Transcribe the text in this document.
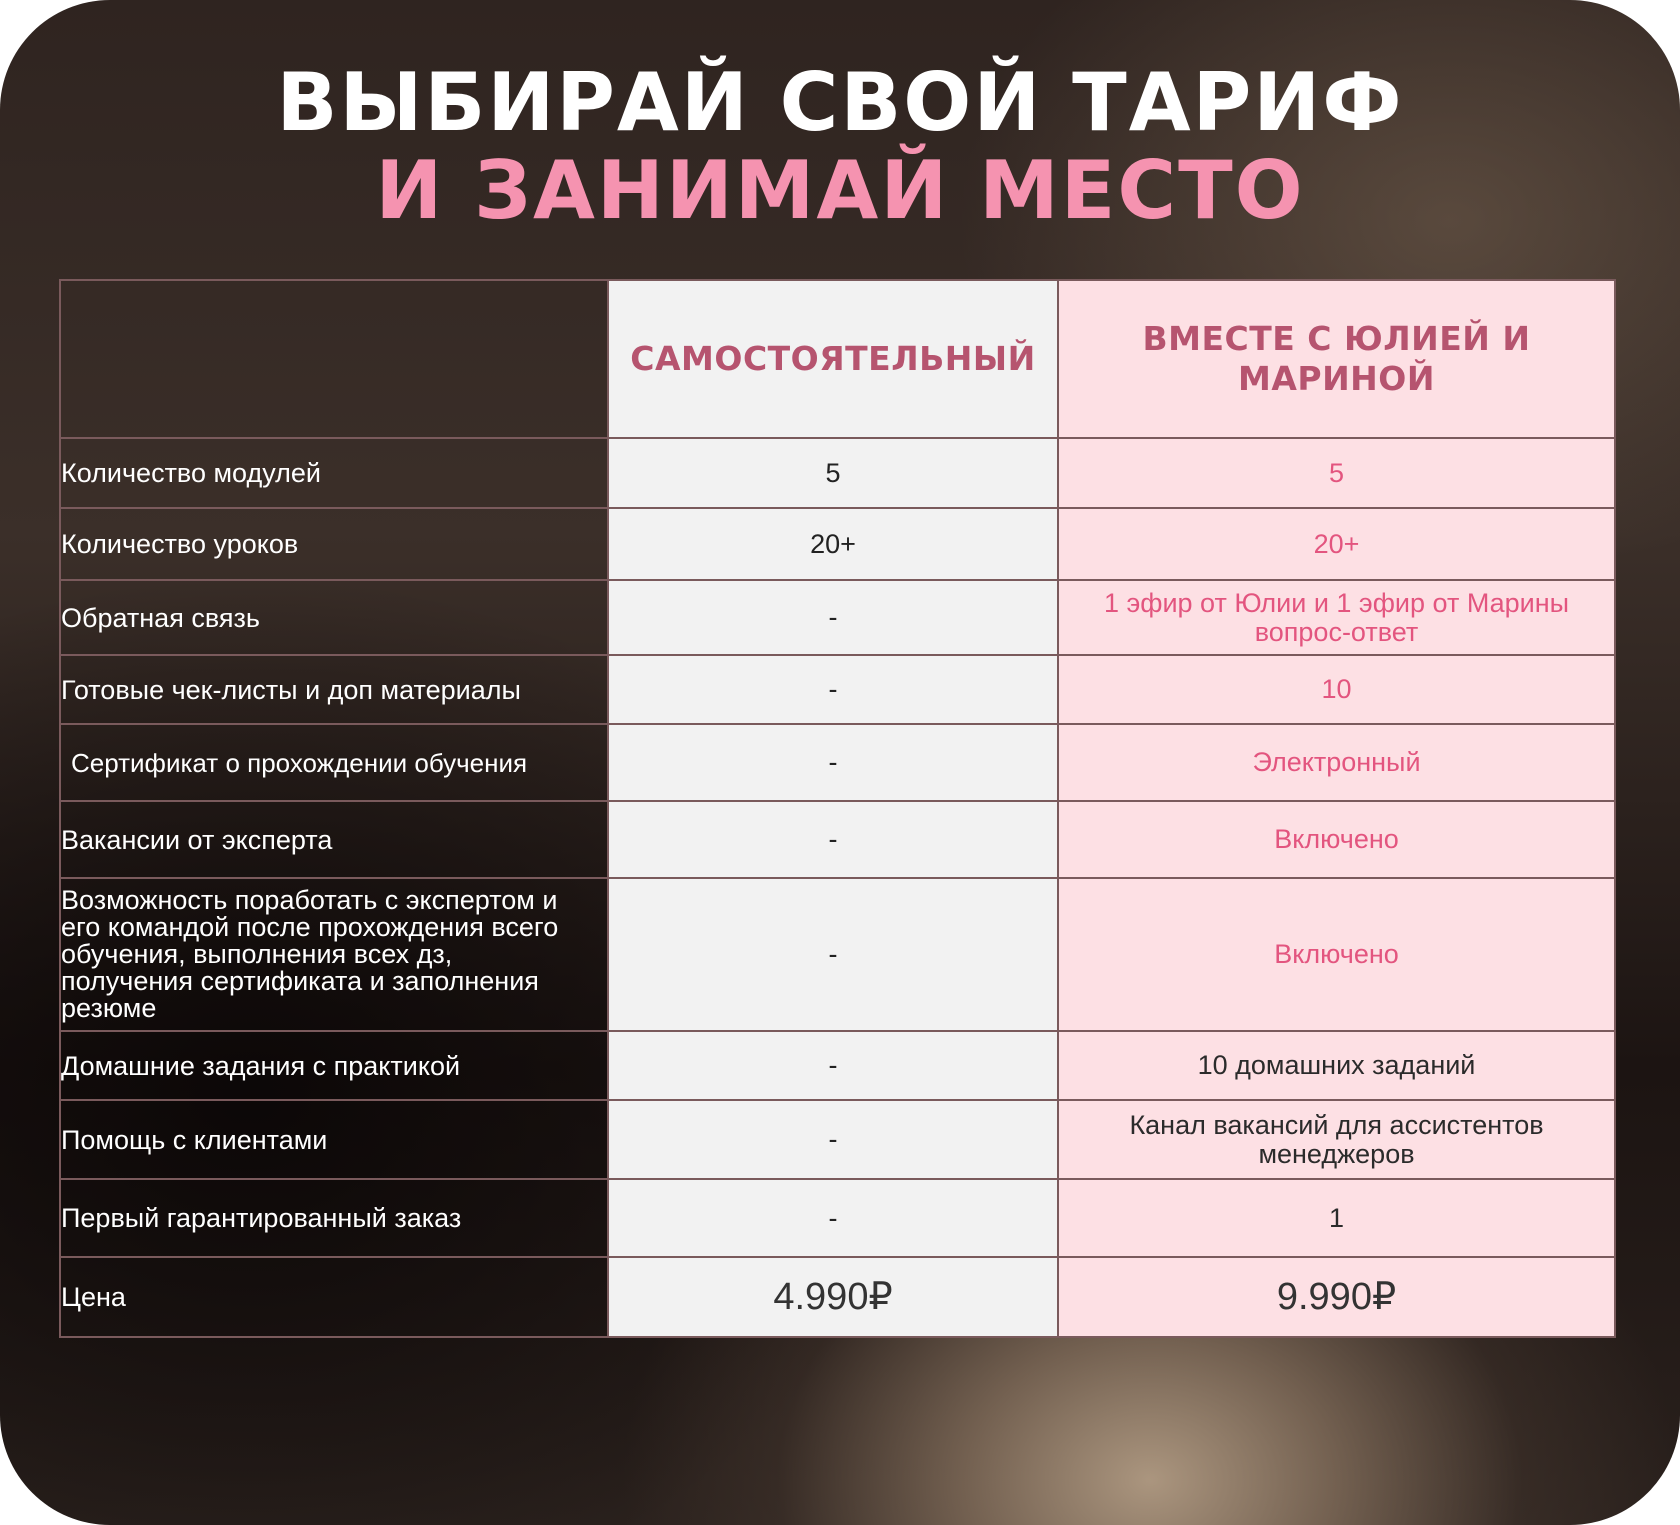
ВЫБИРАЙ СВОЙ ТАРИФ
И ЗАНИМАЙ МЕСТО
	САМОСТОЯТЕЛЬНЫЙ	ВМЕСТЕ С ЮЛИЕЙ И МАРИНОЙ
Количество модулей	5	5
Количество уроков	20+	20+
Обратная связь	-	1 эфир от Юлии и 1 эфир от Марины вопрос-ответ
Готовые чек-листы и доп материалы	-	10
Сертификат о прохождении обучения	-	Электронный
Вакансии от эксперта	-	Включено
Возможность поработать с экспертом и его командой после прохождения всего обучения, выполнения всех дз, получения сертификата и заполнения резюме	-	Включено
Домашние задания с практикой	-	10 домашних заданий
Помощь с клиентами	-	Канал вакансий для ассистентов менеджеров
Первый гарантированный заказ	-	1
Цена	4.990₽	9.990₽
